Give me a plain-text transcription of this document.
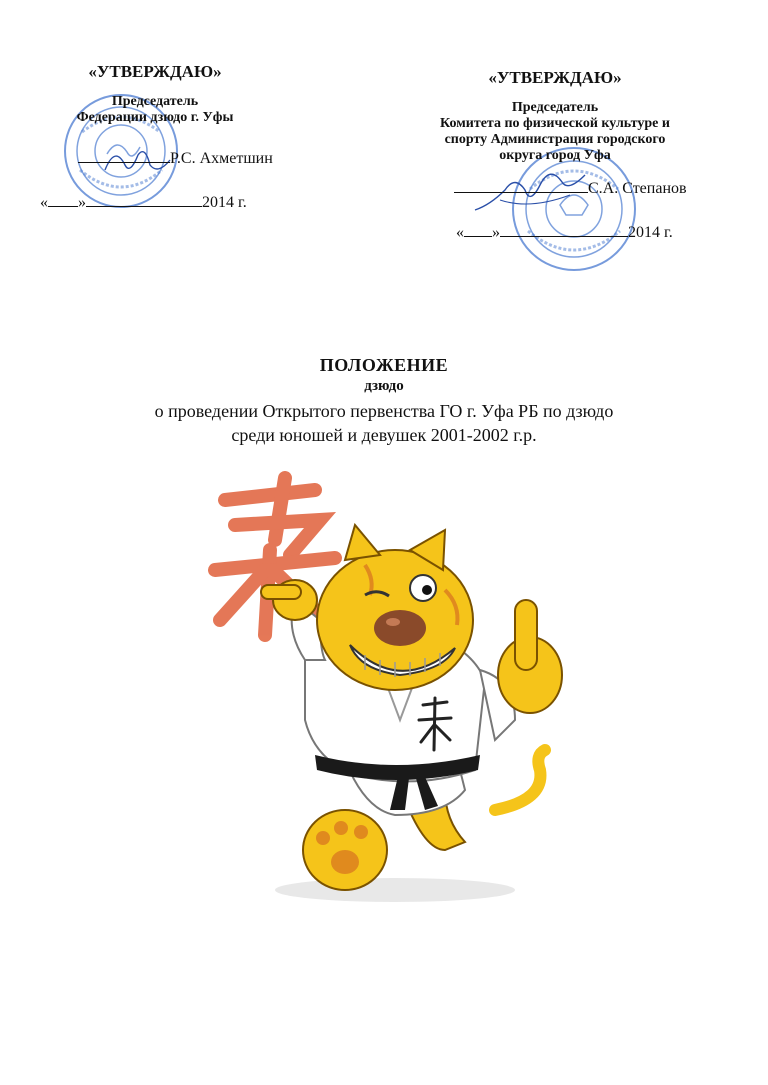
«УТВЕРЖДАЮ»
Председатель
Федерации дзюдо г. Уфы
Р.С. Ахметшин
« »	2014 г.
«УТВЕРЖДАЮ»
Председатель
Комитета по физической культуре и
спорту Администрация городского
округа город Уфа
С.А. Степанов
« »	2014 г.
ПОЛОЖЕНИЕ
дзюдо
о проведении Открытого первенства ГО г. Уфа РБ по дзюдо
среди юношей и девушек 2001-2002 г.р.
